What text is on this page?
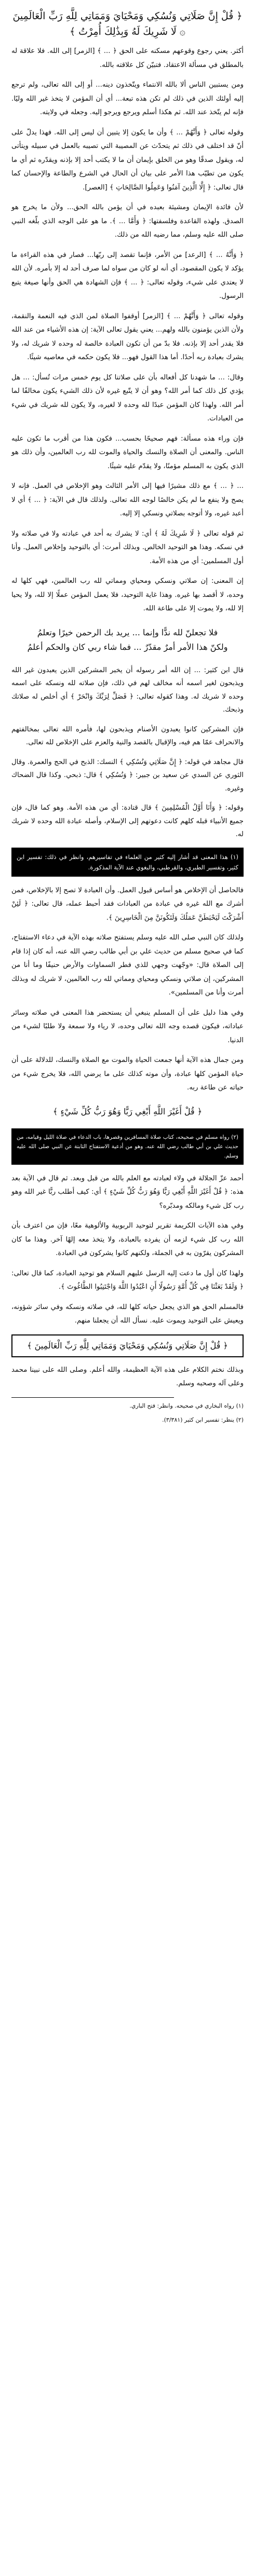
﴿ قُلْ إِنَّ صَلَاتِي وَنُسُكِي وَمَحْيَايَ وَمَمَاتِي لِلَّهِ رَبِّ الْعَالَمِينَ ۞ لَا شَرِيكَ لَهُ وَبِذَٰلِكَ أُمِرْتُ ﴾

أكثر. يعني رجوع وقوعهم مسكنه على الحق ﴿ ... ﴾ [الزمر] إلى الله. فلا علاقة له بالمطلق في مسألة الاعتقاد. فتبيّن كل علاقته بالله.

ومن يستبين الناس ألا بالله الانتماء ويتّخذون دينه... أو إلى الله تعالى، ولم ترجع إليه أولئك الذين في ذلك لم تكن هذه تبعة... أي أن المؤمن لا يتخذ غير الله وليًا. فإنه لم يتّخذ عند الله. ثم هكذا أسلم ويرجع ويرجو إليه. وجعله في ولايته.

وقوله تعالى ﴿ وَأَنَّهُمْ ... ﴾ وأن ما يكون إلا يتبين أن ليس إلى الله. فهذا يدلّ على أنّ قد اختلف في ذلك ثم يتحدّث عن المصيبة التي تصيبه بالعمل في سبيله ويتأتى له، ويقول صدقًا وهو من الخلق بإيمان أن ما لا يكتب أحد إلا بإذنه ويقدّره ثم أي ما يكون من تطيّب هذا الأمر على بيان أن الحال في الشرع والطاعة والإحسان كما قال تعالى: ﴿ إِلَّا الَّذِينَ آمَنُوا وَعَمِلُوا الصَّالِحَاتِ ﴾ [العصر].

لأن فائدة الإيمان ومشيئة بعبده في أن يؤمن بالله الحق... ولأن ما يخرج هو الصدق. ولهذه القاعدة وفلسفتها: ﴿ وَأَمَّا ... ﴾. ما هو على الوجه الذي بلّغه النبي صلى الله عليه وسلم، مما رضيه الله من ذلك.

﴿ وَأَنَّهُ ... ﴾ [الرعد] من الأمر، فإنما تقصد إلى ربّها... فصار في هذه القراءة ما يؤكد لا يكون المقصود، أي أنه لو كان من سواه لما صرف أحد له إلا بأمره. لأن الله لا يعتدي على شيء، وقوله تعالى: ﴿ ... ﴾ فإن الشهادة هي الحق وأنها صيغة يتبع الرسول.

وقوله تعالى ﴿ وَأَنَّهُمْ ... ﴾ [الزمر] أوقفوا الصلاة لمن الذي فيه النعمة والنقمة، ولأن الذين يؤمنون بالله ولهم... يعني يقول تعالى الآية: إن هذه الأشياء من عند الله فلا يقدر أحد إلا بإذنه. فلا بدّ من أن تكون العبادة خالصة له وحده لا شريك له، ولا يشرك بعبادة ربه أحدًا. أما هذا القول فهو... فلا يكون حكمه في معاصيه شيئًا.

وقال: ... ما شهدنا كل أفعاله بأن على صلاتنا كل يوم خمس مرات تُسأل: ... هل يؤدي كل ذلك كما أمر الله؟ وهو أن لا يتّبع غيره لأن ذلك الشيء يكون مخالفًا لما أمر الله. ولهذا كان المؤمن عبدًا لله وحده لا لغيره، ولا يكون لله شريك في شيء من العبادات.

فإن وراء هذه مسألة: فهم صحيحًا بحسب... فكون هذا من أقرب ما تكون عليه الناس. والمعنى أن الصلاة والنسك والحياة والموت لله رب العالمين، وأن ذلك هو الذي يكون به المسلم مؤمنًا، ولا يقدّم عليه شيئًا.

... ﴿ ... ﴾ مع ذلك مشيرًا فيها إلى الأمر الثالث وهو الإخلاص في العمل. فإنه لا يصح ولا ينفع ما لم يكن خالصًا لوجه الله تعالى. ولذلك قال في الآية: ﴿ ... ﴾ أي لا أعبد غيره، ولا أتوجه بصلاتي ونسكي إلا إليه.

ثم قوله تعالى ﴿ لَا شَرِيكَ لَهُ ﴾ أي: لا يشرك به أحد في عبادته ولا في صلاته ولا في نسكه. وهذا هو التوحيد الخالص. وبذلك أمرت: أي بالتوحيد وإخلاص العمل. وأنا أول المسلمين: أي من هذه الأمة.

إن المعنى: إن صلاتي ونسكي ومحياي ومماتي لله رب العالمين، فهي كلها له وحده، لا أقصد بها غيره. وهذا غاية التوحيد، فلا يعمل المؤمن عملًا إلا لله، ولا يحيا إلا لله، ولا يموت إلا على طاعة الله.

فلا تجعلنّ لله ندًّا وإنما ... يريد بك الرحمن خيرًا وتعلمُ
ولكنّ هذا الأمر أمرٌ مقدّرٌ ... فما شاء ربي كان والحكم أعلمُ

قال ابن كثير: ... إن الله أمر رسوله أن يخبر المشركين الذين يعبدون غير الله ويذبحون لغير اسمه أنه مخالف لهم في ذلك، فإن صلاته لله ونسكه على اسمه وحده لا شريك له. وهذا كقوله تعالى: ﴿ فَصَلِّ لِرَبِّكَ وَانْحَرْ ﴾ أي أخلص له صلاتك وذبحك.

فإن المشركين كانوا يعبدون الأصنام ويذبحون لها، فأمره الله تعالى بمخالفتهم والانحراف عمّا هم فيه، والإقبال بالقصد والنية والعزم على الإخلاص لله تعالى.

قال مجاهد في قوله: ﴿ إِنَّ صَلَاتِي وَنُسُكِي ﴾ النسك: الذبح في الحج والعمرة. وقال الثوري عن السدي عن سعيد بن جبير: ﴿ وَنُسُكِي ﴾ قال: ذبحي. وكذا قال الضحاك وغيره.

وقوله: ﴿ وَأَنَا أَوَّلُ الْمُسْلِمِينَ ﴾ قال قتادة: أي من هذه الأمة. وهو كما قال، فإن جميع الأنبياء قبله كلهم كانت دعوتهم إلى الإسلام، وأصله عبادة الله وحده لا شريك له.

(١) هذا المعنى قد أشار إليه كثير من العلماء في تفاسيرهم، وانظر في ذلك: تفسير ابن كثير، وتفسير الطبري، والقرطبي، والبغوي عند الآية المذكورة.

فالحاصل أن الإخلاص هو أساس قبول العمل. وأن العبادة لا تصح إلا بالإخلاص، فمن أشرك مع الله غيره في عبادة من العبادات فقد أحبط عمله، قال تعالى: ﴿ لَئِنْ أَشْرَكْتَ لَيَحْبَطَنَّ عَمَلُكَ وَلَتَكُونَنَّ مِنَ الْخَاسِرِينَ ﴾.

ولذلك كان النبي صلى الله عليه وسلم يستفتح صلاته بهذه الآية في دعاء الاستفتاح، كما في صحيح مسلم من حديث علي بن أبي طالب رضي الله عنه، أنه كان إذا قام إلى الصلاة قال: «وجّهت وجهي للذي فطر السماوات والأرض حنيفًا وما أنا من المشركين، إن صلاتي ونسكي ومحياي ومماتي لله رب العالمين، لا شريك له وبذلك أمرت وأنا من المسلمين».

وفي هذا دليل على أن المسلم ينبغي أن يستحضر هذا المعنى في صلاته وسائر عباداته، فيكون قصده وجه الله تعالى وحده، لا رياء ولا سمعة ولا طلبًا لشيء من الدنيا.

ومن جمال هذه الآية أنها جمعت الحياة والموت مع الصلاة والنسك، للدلالة على أن حياة المؤمن كلها عبادة، وأن موته كذلك على ما يرضي الله، فلا يخرج شيء من حياته عن طاعة ربه.

﴿ قُلْ أَغَيْرَ اللَّهِ أَبْغِي رَبًّا وَهُوَ رَبُّ كُلِّ شَيْءٍ ﴾
(٢) رواه مسلم في صحيحه، كتاب صلاة المسافرين وقصرها، باب الدعاء في صلاة الليل وقيامه، من حديث علي بن أبي طالب رضي الله عنه. وهو من أدعية الاستفتاح الثابتة عن النبي صلى الله عليه وسلم.

أحمد عزّ الجلالة في ولاء لعبادته مع العلم بالله من قبل وبعد. ثم قال في الآية بعد هذه: ﴿ قُلْ أَغَيْرَ اللَّهِ أَبْغِي رَبًّا وَهُوَ رَبُّ كُلِّ شَيْءٍ ﴾ أي: كيف أطلب ربًّا غير الله وهو رب كل شيء ومالكه ومدبّره؟

وفي هذه الآيات الكريمة تقرير لتوحيد الربوبية والألوهية معًا، فإن من اعترف بأن الله رب كل شيء لزمه أن يفرده بالعبادة، ولا يتخذ معه إلهًا آخر. وهذا ما كان المشركون يقرّون به في الجملة، ولكنهم كانوا يشركون في العبادة.

ولهذا كان أول ما دعت إليه الرسل عليهم السلام هو توحيد العبادة، كما قال تعالى: ﴿ وَلَقَدْ بَعَثْنَا فِي كُلِّ أُمَّةٍ رَسُولًا أَنِ اعْبُدُوا اللَّهَ وَاجْتَنِبُوا الطَّاغُوتَ ﴾.

فالمسلم الحق هو الذي يجعل حياته كلها لله، في صلاته ونسكه وفي سائر شؤونه، ويعيش على التوحيد ويموت عليه. نسأل الله أن يجعلنا منهم.

﴿ قُلْ إِنَّ صَلَاتِي وَنُسُكِي وَمَحْيَايَ وَمَمَاتِي لِلَّهِ رَبِّ الْعَالَمِينَ ﴾

وبذلك نختم الكلام على هذه الآية العظيمة، والله أعلم. وصلى الله على نبينا محمد وعلى آله وصحبه وسلم.

(١) رواه البخاري في صحيحه. وانظر: فتح الباري.
(٢) ينظر: تفسير ابن كثير (٣/٣٨١).
